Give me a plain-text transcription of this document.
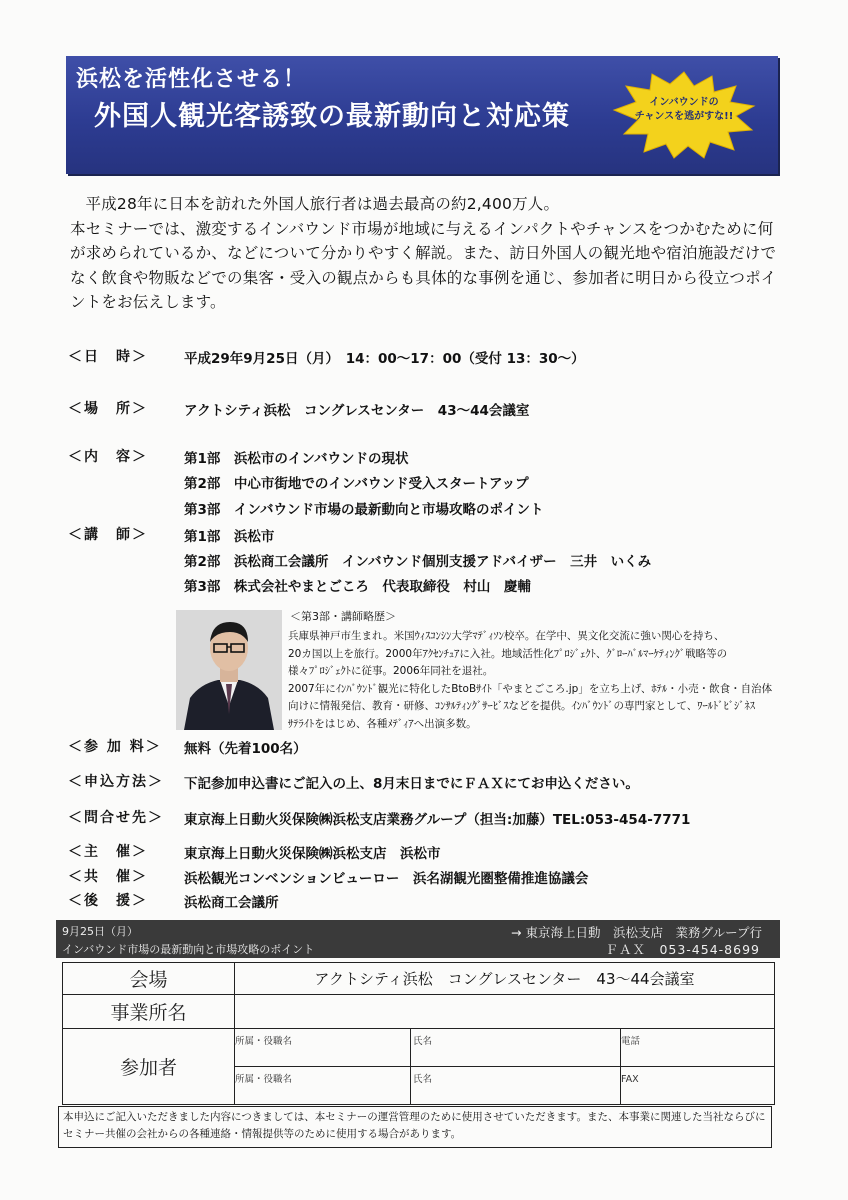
浜松を活性化させる！
外国人観光客誘致の最新動向と対応策	インバウンドの
チャンスを逃がすな!!

平成28年に日本を訪れた外国人旅行者は過去最高の約2,400万人。

本セミナーでは、激変するインバウンド市場が地域に与えるインパクトやチャンスをつかむために何が求められているか、などについて分かりやすく解説。また、訪日外国人の観光地や宿泊施設だけでなく飲食や物販などでの集客・受入の観点からも具体的な事例を通じ、参加者に明日から役立つポイントをお伝えします。

＜日　時＞	平成29年9月25日（月）　14：00～17：00（受付 13：30～）
＜場　所＞	アクトシティ浜松　コングレスセンター　43～44会議室
＜内　容＞	第1部　浜松市のインバウンドの現状
第2部　中心市街地でのインバウンド受入スタートアップ
第3部　インバウンド市場の最新動向と市場攻略のポイント
＜講　師＞	第1部　浜松市
第2部　浜松商工会議所　インバウンド個別支援アドバイザー　三井　いくみ
第3部　株式会社やまとごころ　代表取締役　村山　慶輔
＜第3部・講師略歴＞
兵庫県神戸市生まれ。米国ｳｨｽｺﾝｼﾝ大学ﾏﾃﾞｨｿﾝ校卒。在学中、異文化交流に強い関心を持ち、
20カ国以上を旅行。2000年ｱｸｾﾝﾁｭｱに入社。地域活性化ﾌﾟﾛｼﾞｪｸﾄ、ｸﾞﾛｰﾊﾞﾙﾏｰｹﾃｨﾝｸﾞ戦略等の
様々ﾌﾟﾛｼﾞｪｸﾄに従事。2006年同社を退社。
2007年にｲﾝﾊﾞｳﾝﾄﾞ観光に特化したBtoBｻｲﾄ「やまとごころ.jp」を立ち上げ、ﾎﾃﾙ・小売・飲食・自治体
向けに情報発信、教育・研修、ｺﾝｻﾙﾃｨﾝｸﾞｻｰﾋﾞｽなどを提供。ｲﾝﾊﾞｳﾝﾄﾞの専門家として、ﾜｰﾙﾄﾞﾋﾞｼﾞﾈｽ
ｻﾃﾗｲﾄをはじめ、各種ﾒﾃﾞｨｱへ出演多数。
＜参 加 料＞ 無料（先着100名）
＜申込方法＞ 下記参加申込書にご記入の上、8月末日までにＦＡＸにてお申込ください。
＜問合せ先＞ 東京海上日動火災保険㈱浜松支店業務グループ（担当:加藤）TEL:053-454-7771
＜主　催＞	東京海上日動火災保険㈱浜松支店　浜松市
＜共　催＞	浜松観光コンベンションビューロー　浜名湖観光圏整備推進協議会
＜後　援＞	浜松商工会議所
9月25日（月）
インバウンド市場の最新動向と市場攻略のポイント
→ 東京海上日動　浜松支店　業務グループ行
ＦＡＸ　053-454-8699
会場	アクトシティ浜松　コングレスセンター　43～44会議室		
事業所名			
参加者	所属・役職名	氏名	電話
	所属・役職名	氏名	FAX
本申込にご記入いただきました内容につきましては、本セミナーの運営管理のために使用させていただきます。また、本事業に関連した当社ならびにセミナー共催の会社からの各種連絡・情報提供等のために使用する場合があります。
